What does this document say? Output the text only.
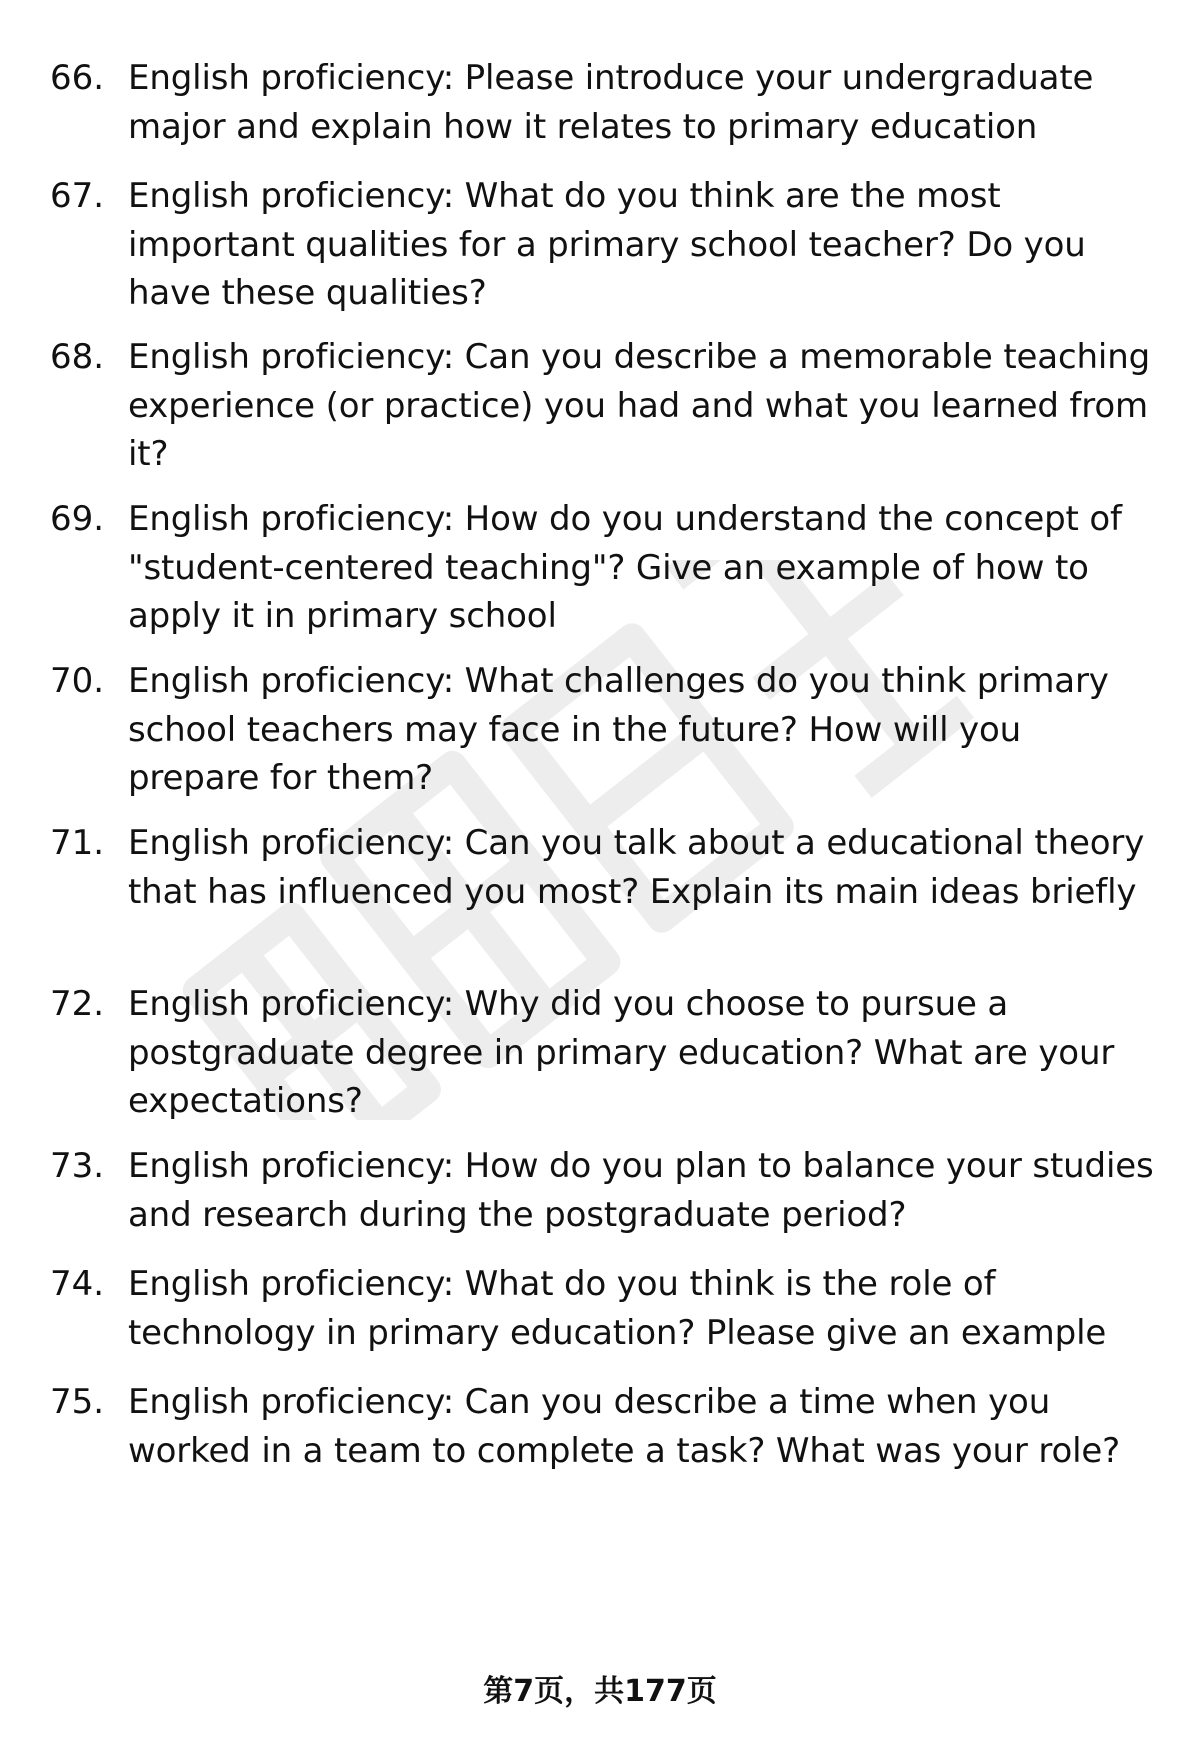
66. English proficiency: Please introduce your undergraduate major and explain how it relates to primary education
67. English proficiency: What do you think are the most important qualities for a primary school teacher? Do you have these qualities?
68. English proficiency: Can you describe a memorable teaching experience (or practice) you had and what you learned from it?
69. English proficiency: How do you understand the concept of "student-centered teaching"? Give an example of how to apply it in primary school
70. English proficiency: What challenges do you think primary school teachers may face in the future? How will you prepare for them?
71. English proficiency: Can you talk about a educational theory that has influenced you most? Explain its main ideas briefly
72. English proficiency: Why did you choose to pursue a postgraduate degree in primary education? What are your expectations?
73. English proficiency: How do you plan to balance your studies and research during the postgraduate period?
74. English proficiency: What do you think is the role of technology in primary education? Please give an example
75. English proficiency: Can you describe a time when you worked in a team to complete a task? What was your role?
第7页，共177页
